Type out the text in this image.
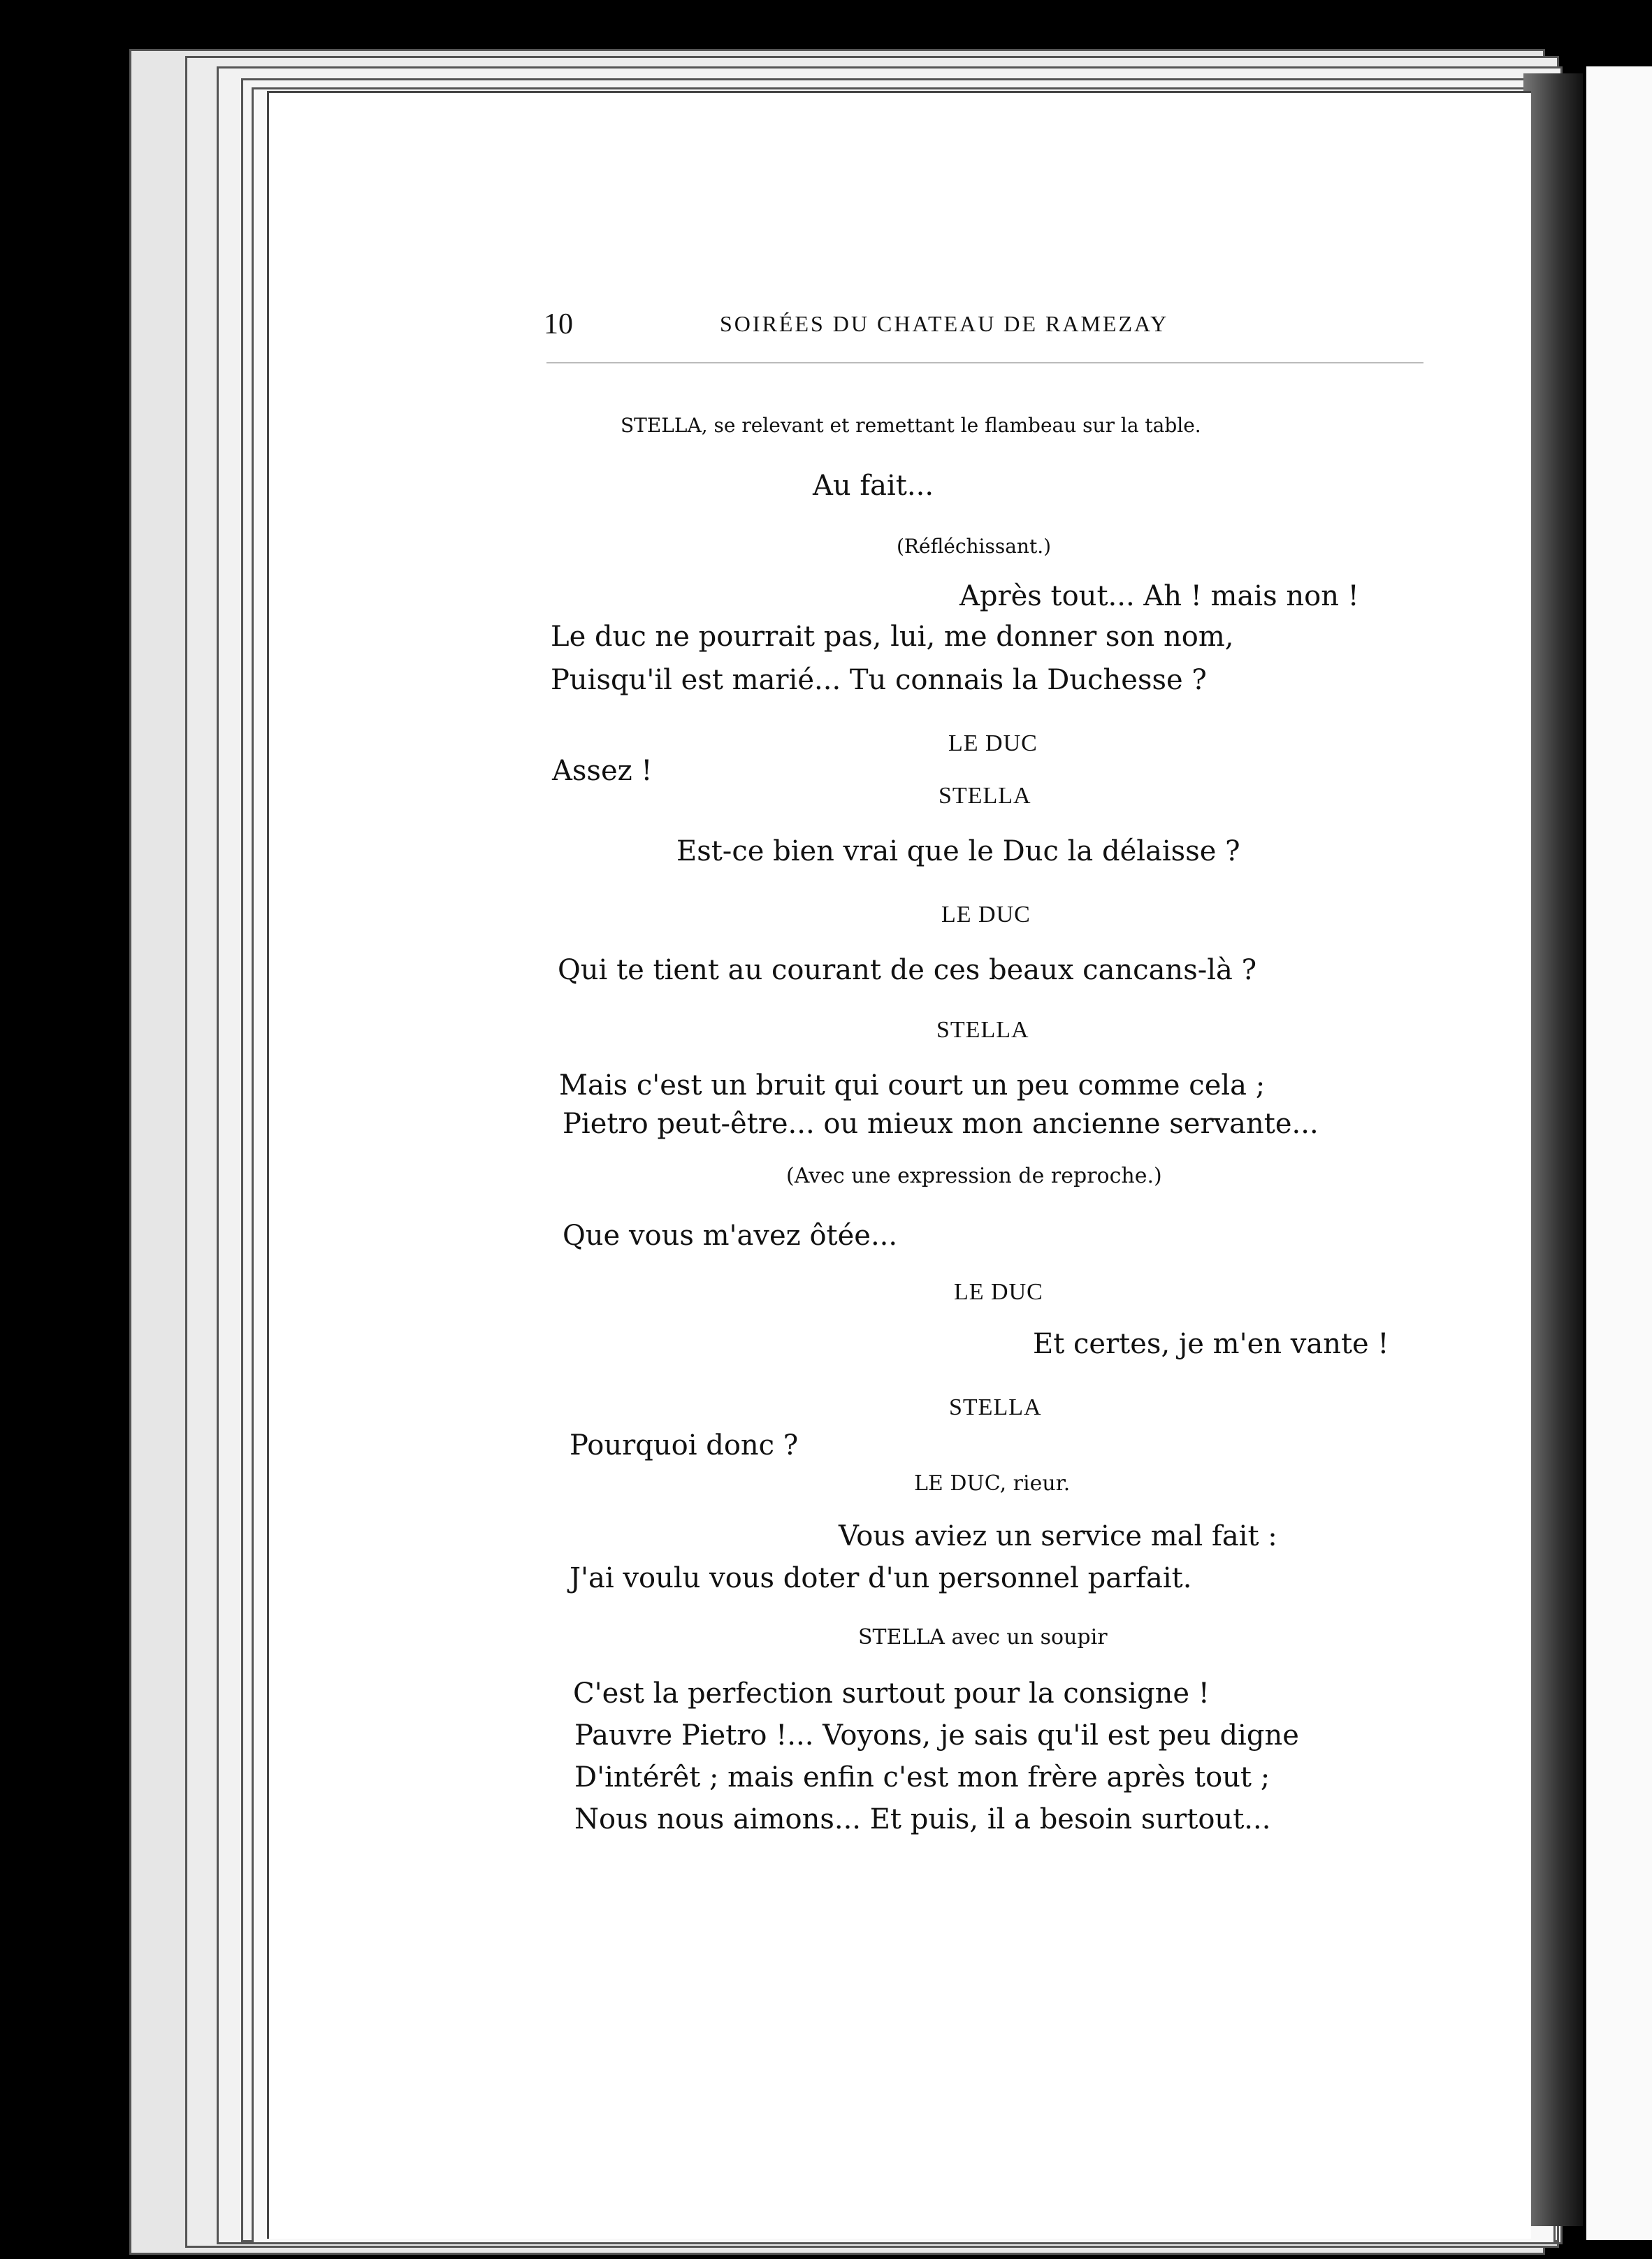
10	SOIRÉES DU CHATEAU DE RAMEZAY
STELLA, se relevant et remettant le flambeau sur la table.
Au fait...
(Réfléchissant.)
Après tout... Ah ! mais non !
Le duc ne pourrait pas, lui, me donner son nom,
Puisqu'il est marié... Tu connais la Duchesse ?
LE DUC
Assez !
STELLA
Est-ce bien vrai que le Duc la délaisse ?
LE DUC
Qui te tient au courant de ces beaux cancans-là ?
STELLA
Mais c'est un bruit qui court un peu comme cela ;
Pietro peut-être... ou mieux mon ancienne servante...
(Avec une expression de reproche.)
Que vous m'avez ôtée...
LE DUC
Et certes, je m'en vante !
STELLA
Pourquoi donc ?
LE DUC, rieur.
Vous aviez un service mal fait :
J'ai voulu vous doter d'un personnel parfait.
STELLA avec un soupir
C'est la perfection surtout pour la consigne !
Pauvre Pietro !... Voyons, je sais qu'il est peu digne
D'intérêt ; mais enfin c'est mon frère après tout ;
Nous nous aimons... Et puis, il a besoin surtout...
